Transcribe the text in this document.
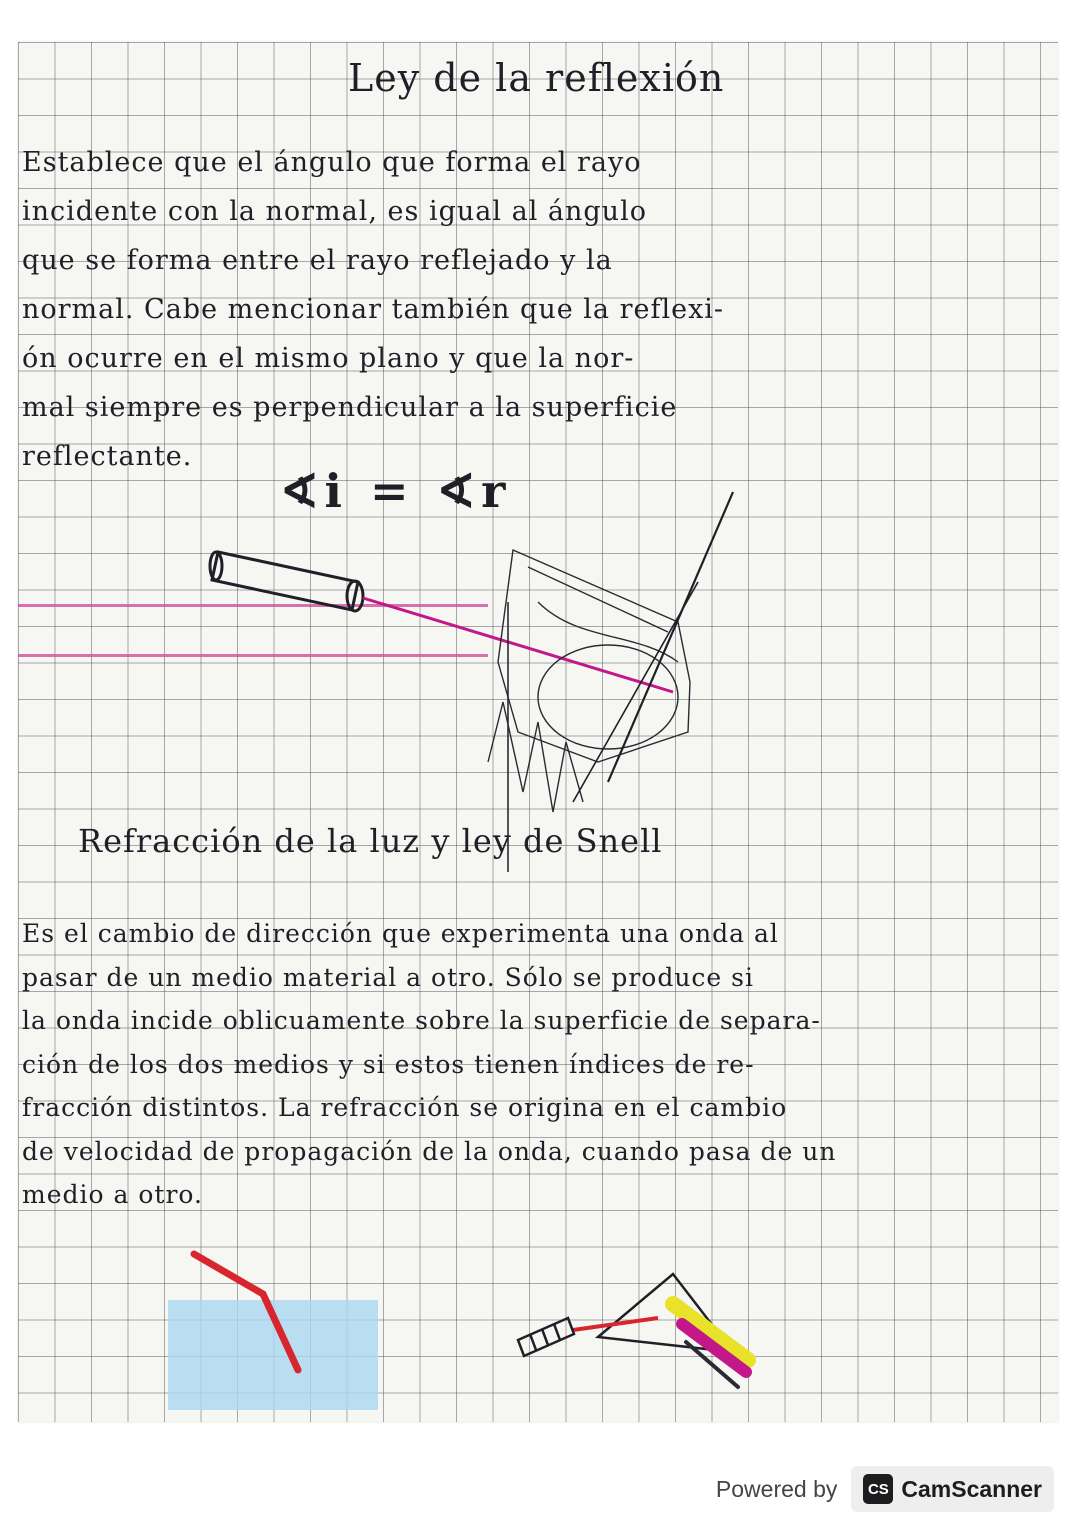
Ley de la reflexión
Establece que el ángulo que forma el rayo
incidente con la normal, es igual al ángulo
que se forma entre el rayo reflejado y la
normal. Cabe mencionar también que la reflexi-
ón ocurre en el mismo plano y que la nor-
mal siempre es perpendicular a la superficie
reflectante.
∢i = ∢r
Refracción de la luz y ley de Snell
Es el cambio de dirección que experimenta una onda al
pasar de un medio material a otro. Sólo se produce si
la onda incide oblicuamente sobre la superficie de separa-
ción de los dos medios y si estos tienen índices de re-
fracción distintos. La refracción se origina en el cambio
de velocidad de propagación de la onda, cuando pasa de un
medio a otro.
Powered by	CS CamScanner
